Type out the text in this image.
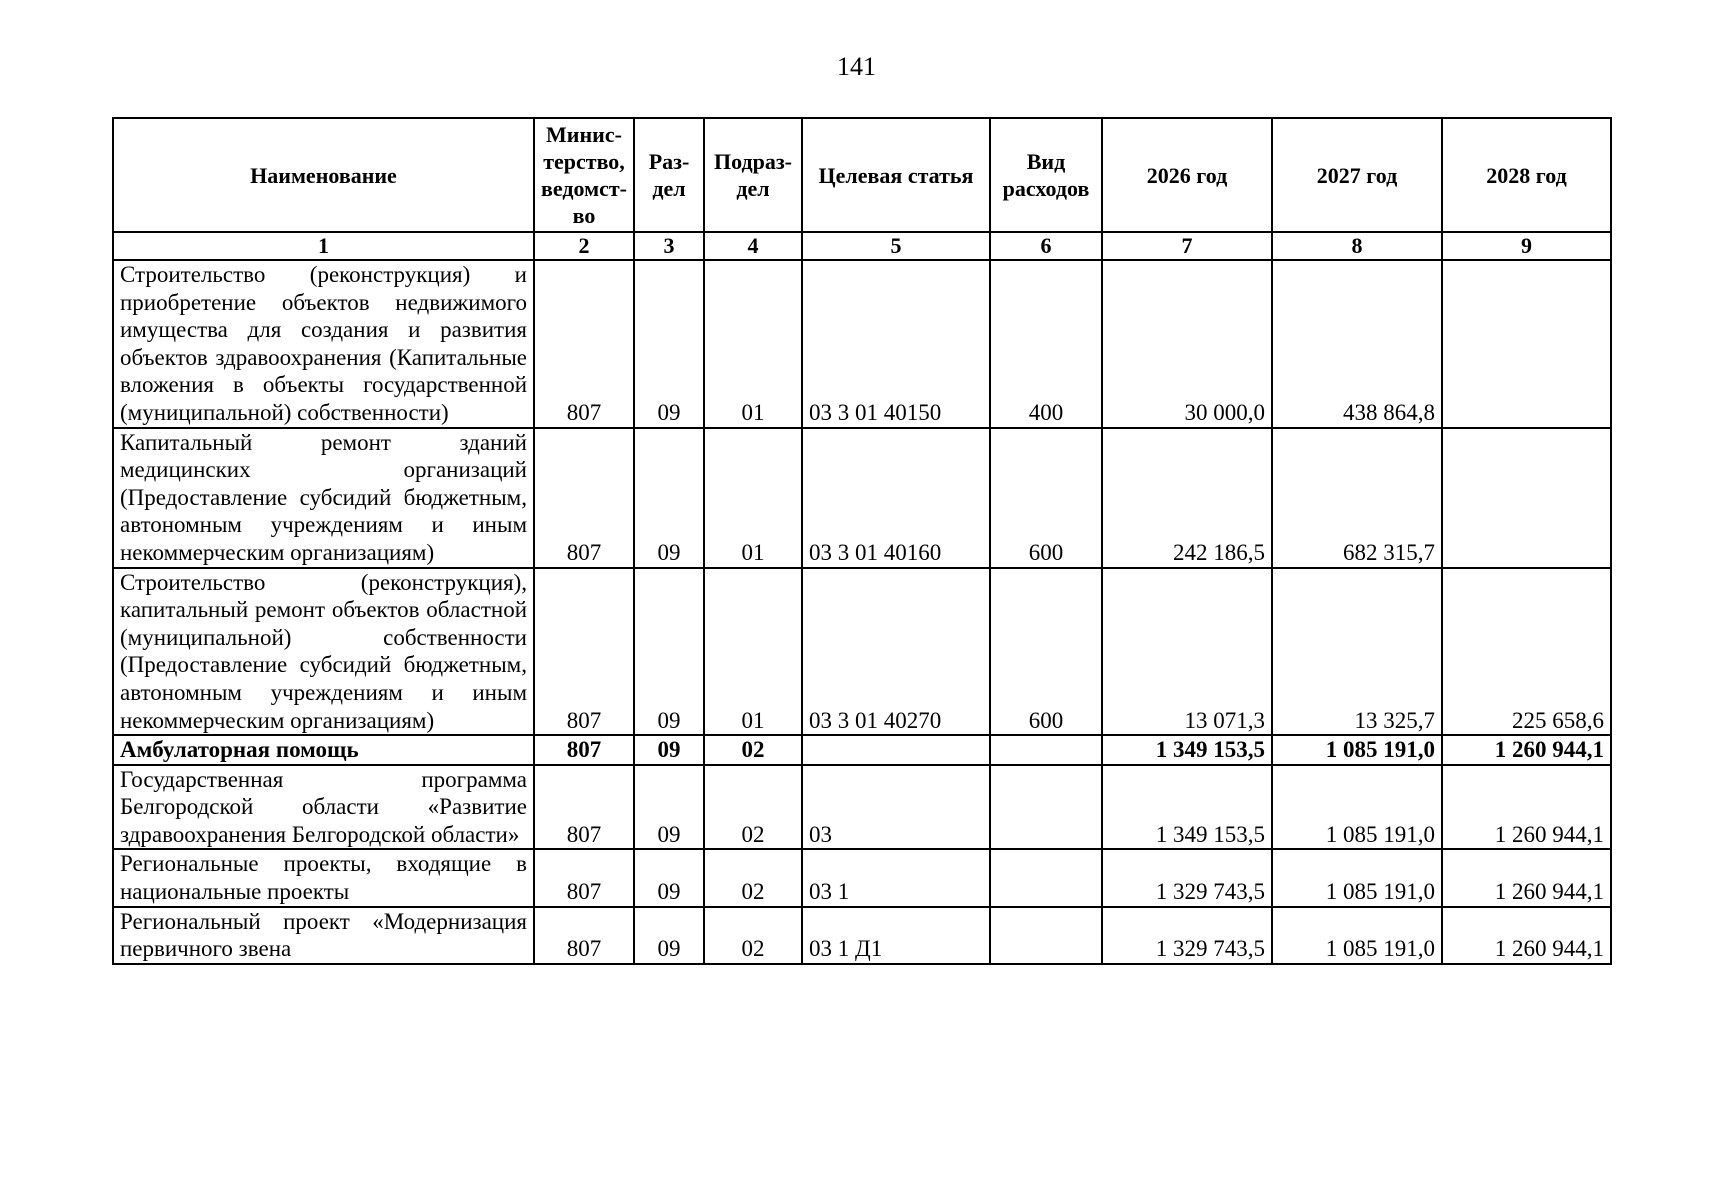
141
Наименование	Минис-терство, ведомст-во	Раз-дел	Подраз-дел	Целевая статья	Вид расходов	2026 год	2027 год	2028 год
1	2	3	4	5	6	7	8	9
Строительство (реконструкция) и приобретение объектов недвижимого имущества для создания и развития объектов здравоохранения (Капитальные вложения в объекты государственной (муниципальной) собственности)	807	09	01	03 3 01 40150	400	30 000,0	438 864,8	
Капитальный ремонт зданий медицинских организаций (Предоставление субсидий бюджетным, автономным учреждениям и иным некоммерческим организациям)	807	09	01	03 3 01 40160	600	242 186,5	682 315,7	
Строительство (реконструкция), капитальный ремонт объектов областной (муниципальной) собственности (Предоставление субсидий бюджетным, автономным учреждениям и иным некоммерческим организациям)	807	09	01	03 3 01 40270	600	13 071,3	13 325,7	225 658,6
Амбулаторная помощь	807	09	02			1 349 153,5	1 085 191,0	1 260 944,1
Государственная программа Белгородской области «Развитие здравоохранения Белгородской области»	807	09	02	03		1 349 153,5	1 085 191,0	1 260 944,1
Региональные проекты, входящие в национальные проекты	807	09	02	03 1		1 329 743,5	1 085 191,0	1 260 944,1
Региональный проект «Модернизация первичного звена	807	09	02	03 1 Д1		1 329 743,5	1 085 191,0	1 260 944,1
